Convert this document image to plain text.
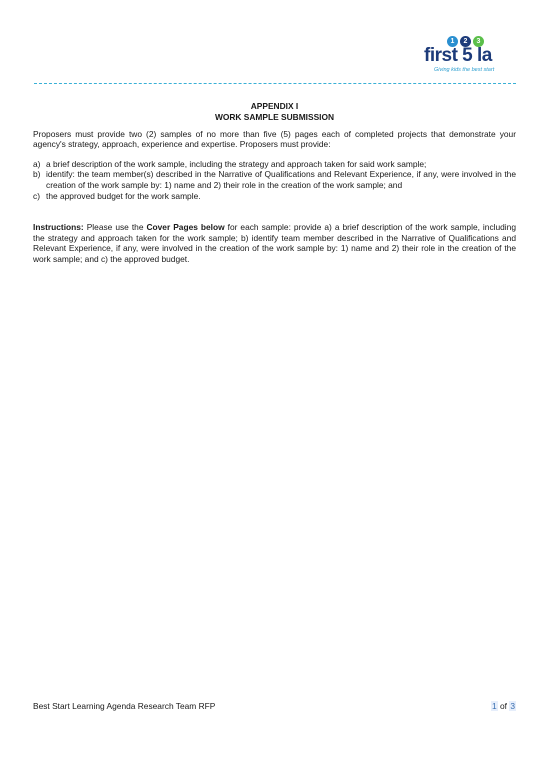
1	2	3
first 5 la
Giving kids the best start
APPENDIX I
WORK SAMPLE SUBMISSION

Proposers must provide two (2) samples of no more than five (5) pages each of completed projects that demonstrate your agency's strategy, approach, experience and expertise. Proposers must provide:

a) a brief description of the work sample, including the strategy and approach taken for said work sample;
b) identify: the team member(s) described in the Narrative of Qualifications and Relevant Experience, if any, were involved in the creation of the work sample by: 1) name and 2) their role in the creation of the work sample; and
c) the approved budget for the work sample.

Instructions: Please use the Cover Pages below for each sample: provide a) a brief description of the work sample, including the strategy and approach taken for the work sample; b) identify team member described in the Narrative of Qualifications and Relevant Experience, if any, were involved in the creation of the work sample by: 1) name and 2) their role in the creation of the work sample; and c) the approved budget.

Best Start Learning Agenda Research Team RFP	1 of 3
